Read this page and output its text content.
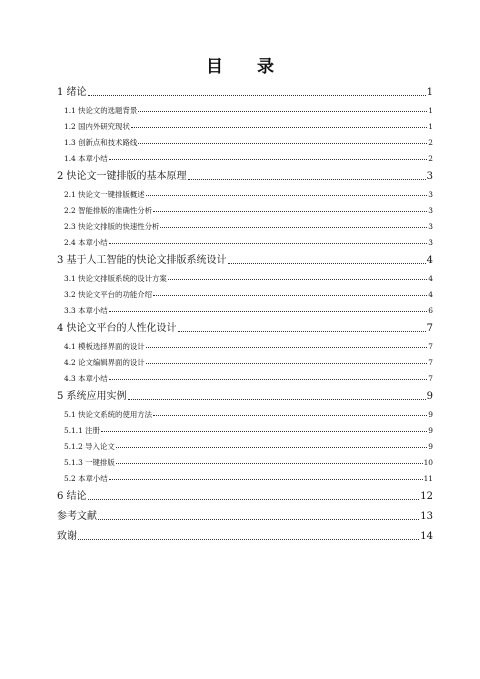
目 录
1 绪论	1
1.1 快论文的选题背景	1
1.2 国内外研究现状	1
1.3 创新点和技术路线	2
1.4 本章小结	2
2 快论文一键排版的基本原理	3
2.1 快论文一键排版概述	3
2.2 智能排版的准确性分析	3
2.3 快论文排版的快速性分析	3
2.4 本章小结	3
3 基于人工智能的快论文排版系统设计	4
3.1 快论文排版系统的设计方案	4
3.2 快论文平台的功能介绍	4
3.3 本章小结	6
4 快论文平台的人性化设计	7
4.1 模板选择界面的设计	7
4.2 论文编辑界面的设计	7
4.3 本章小结	7
5 系统应用实例	9
5.1 快论文系统的使用方法	9
5.1.1 注册	9
5.1.2 导入论文	9
5.1.3 一键排版	10
5.2 本章小结	11
6 结论	12
参考文献	13
致谢	14
